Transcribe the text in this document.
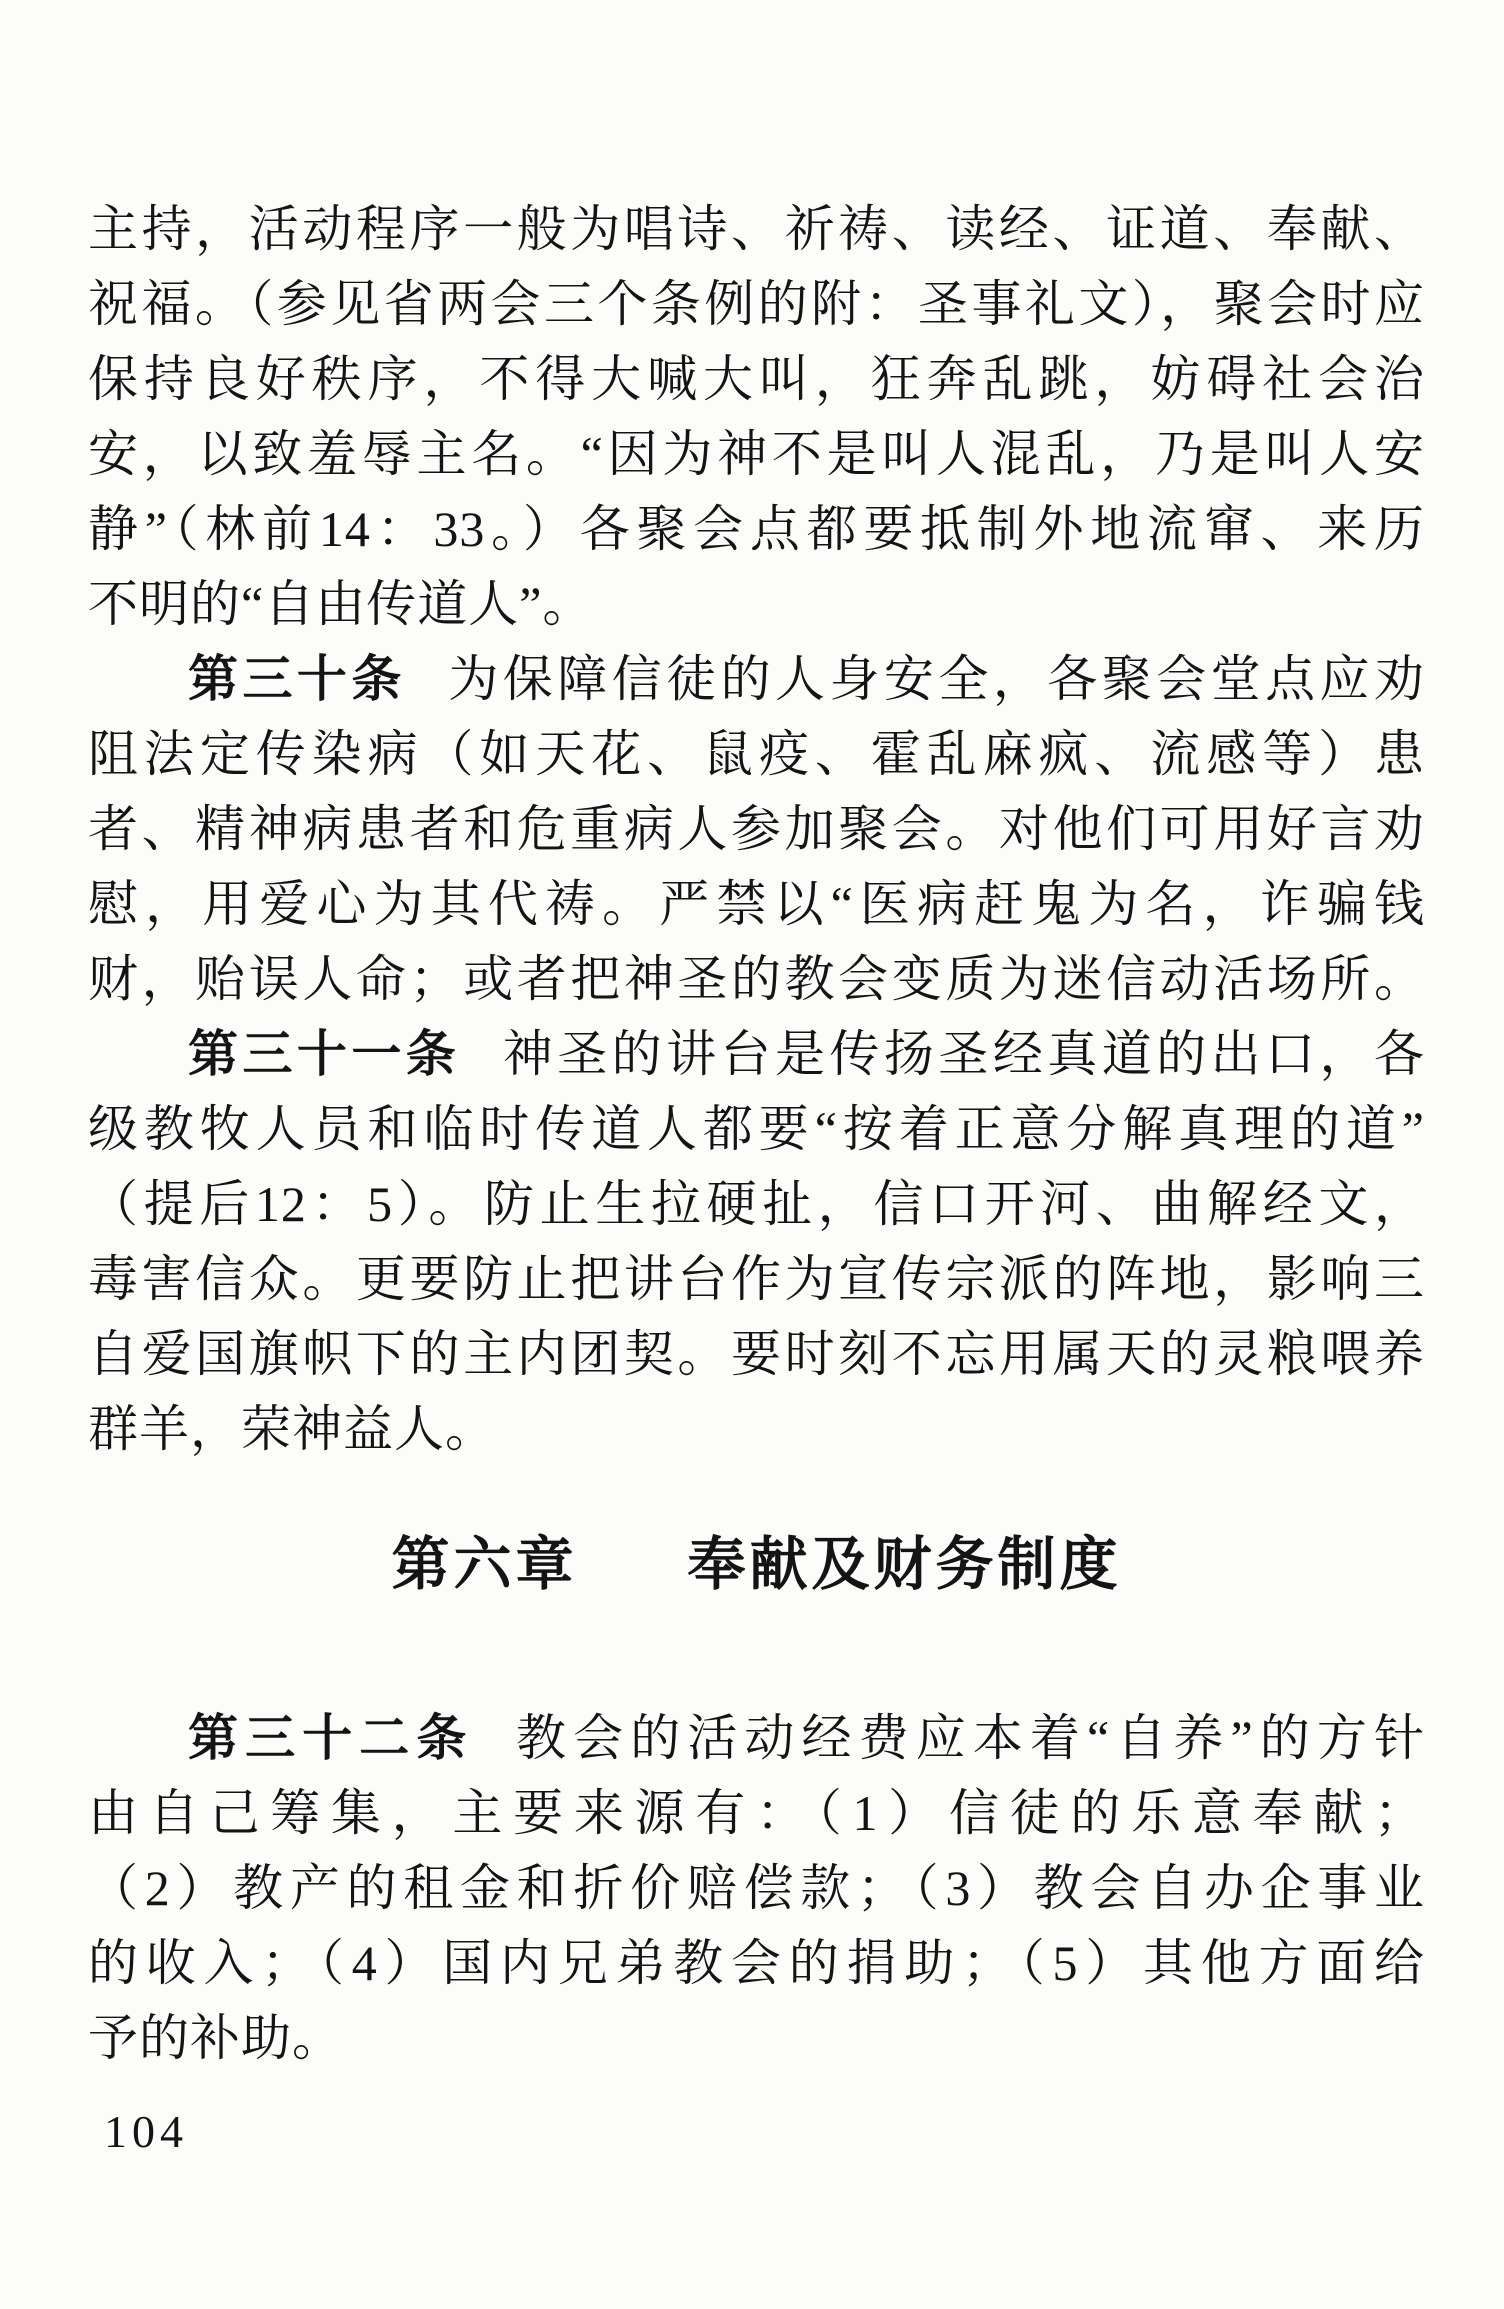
主持，活动程序一般为唱诗、祈祷、读经、证道、奉献、
祝福。（参见省两会三个条例的附：圣事礼文），聚会时应
保持良好秩序，不得大喊大叫，狂奔乱跳，妨碍社会治
安，以致羞辱主名。“因为神不是叫人混乱，乃是叫人安
静”（林前14：33。）各聚会点都要抵制外地流窜、来历
不明的“自由传道人”。
第三十条 为保障信徒的人身安全，各聚会堂点应劝
阻法定传染病（如天花、鼠疫、霍乱麻疯、流感等）患
者、精神病患者和危重病人参加聚会。对他们可用好言劝
慰，用爱心为其代祷。严禁以“医病赶鬼为名，诈骗钱
财，贻误人命；或者把神圣的教会变质为迷信动活场所。
第三十一条 神圣的讲台是传扬圣经真道的出口，各
级教牧人员和临时传道人都要“按着正意分解真理的道”
（提后12：5）。防止生拉硬扯，信口开河、曲解经文，
毒害信众。更要防止把讲台作为宣传宗派的阵地，影响三
自爱国旗帜下的主内团契。要时刻不忘用属天的灵粮喂养
群羊，荣神益人。
第六章 奉献及财务制度
第三十二条 教会的活动经费应本着“自养”的方针
由自己筹集，主要来源有：（1）信徒的乐意奉献；
（2）教产的租金和折价赔偿款；（3）教会自办企事业
的收入；（4）国内兄弟教会的捐助；（5）其他方面给
予的补助。
104
